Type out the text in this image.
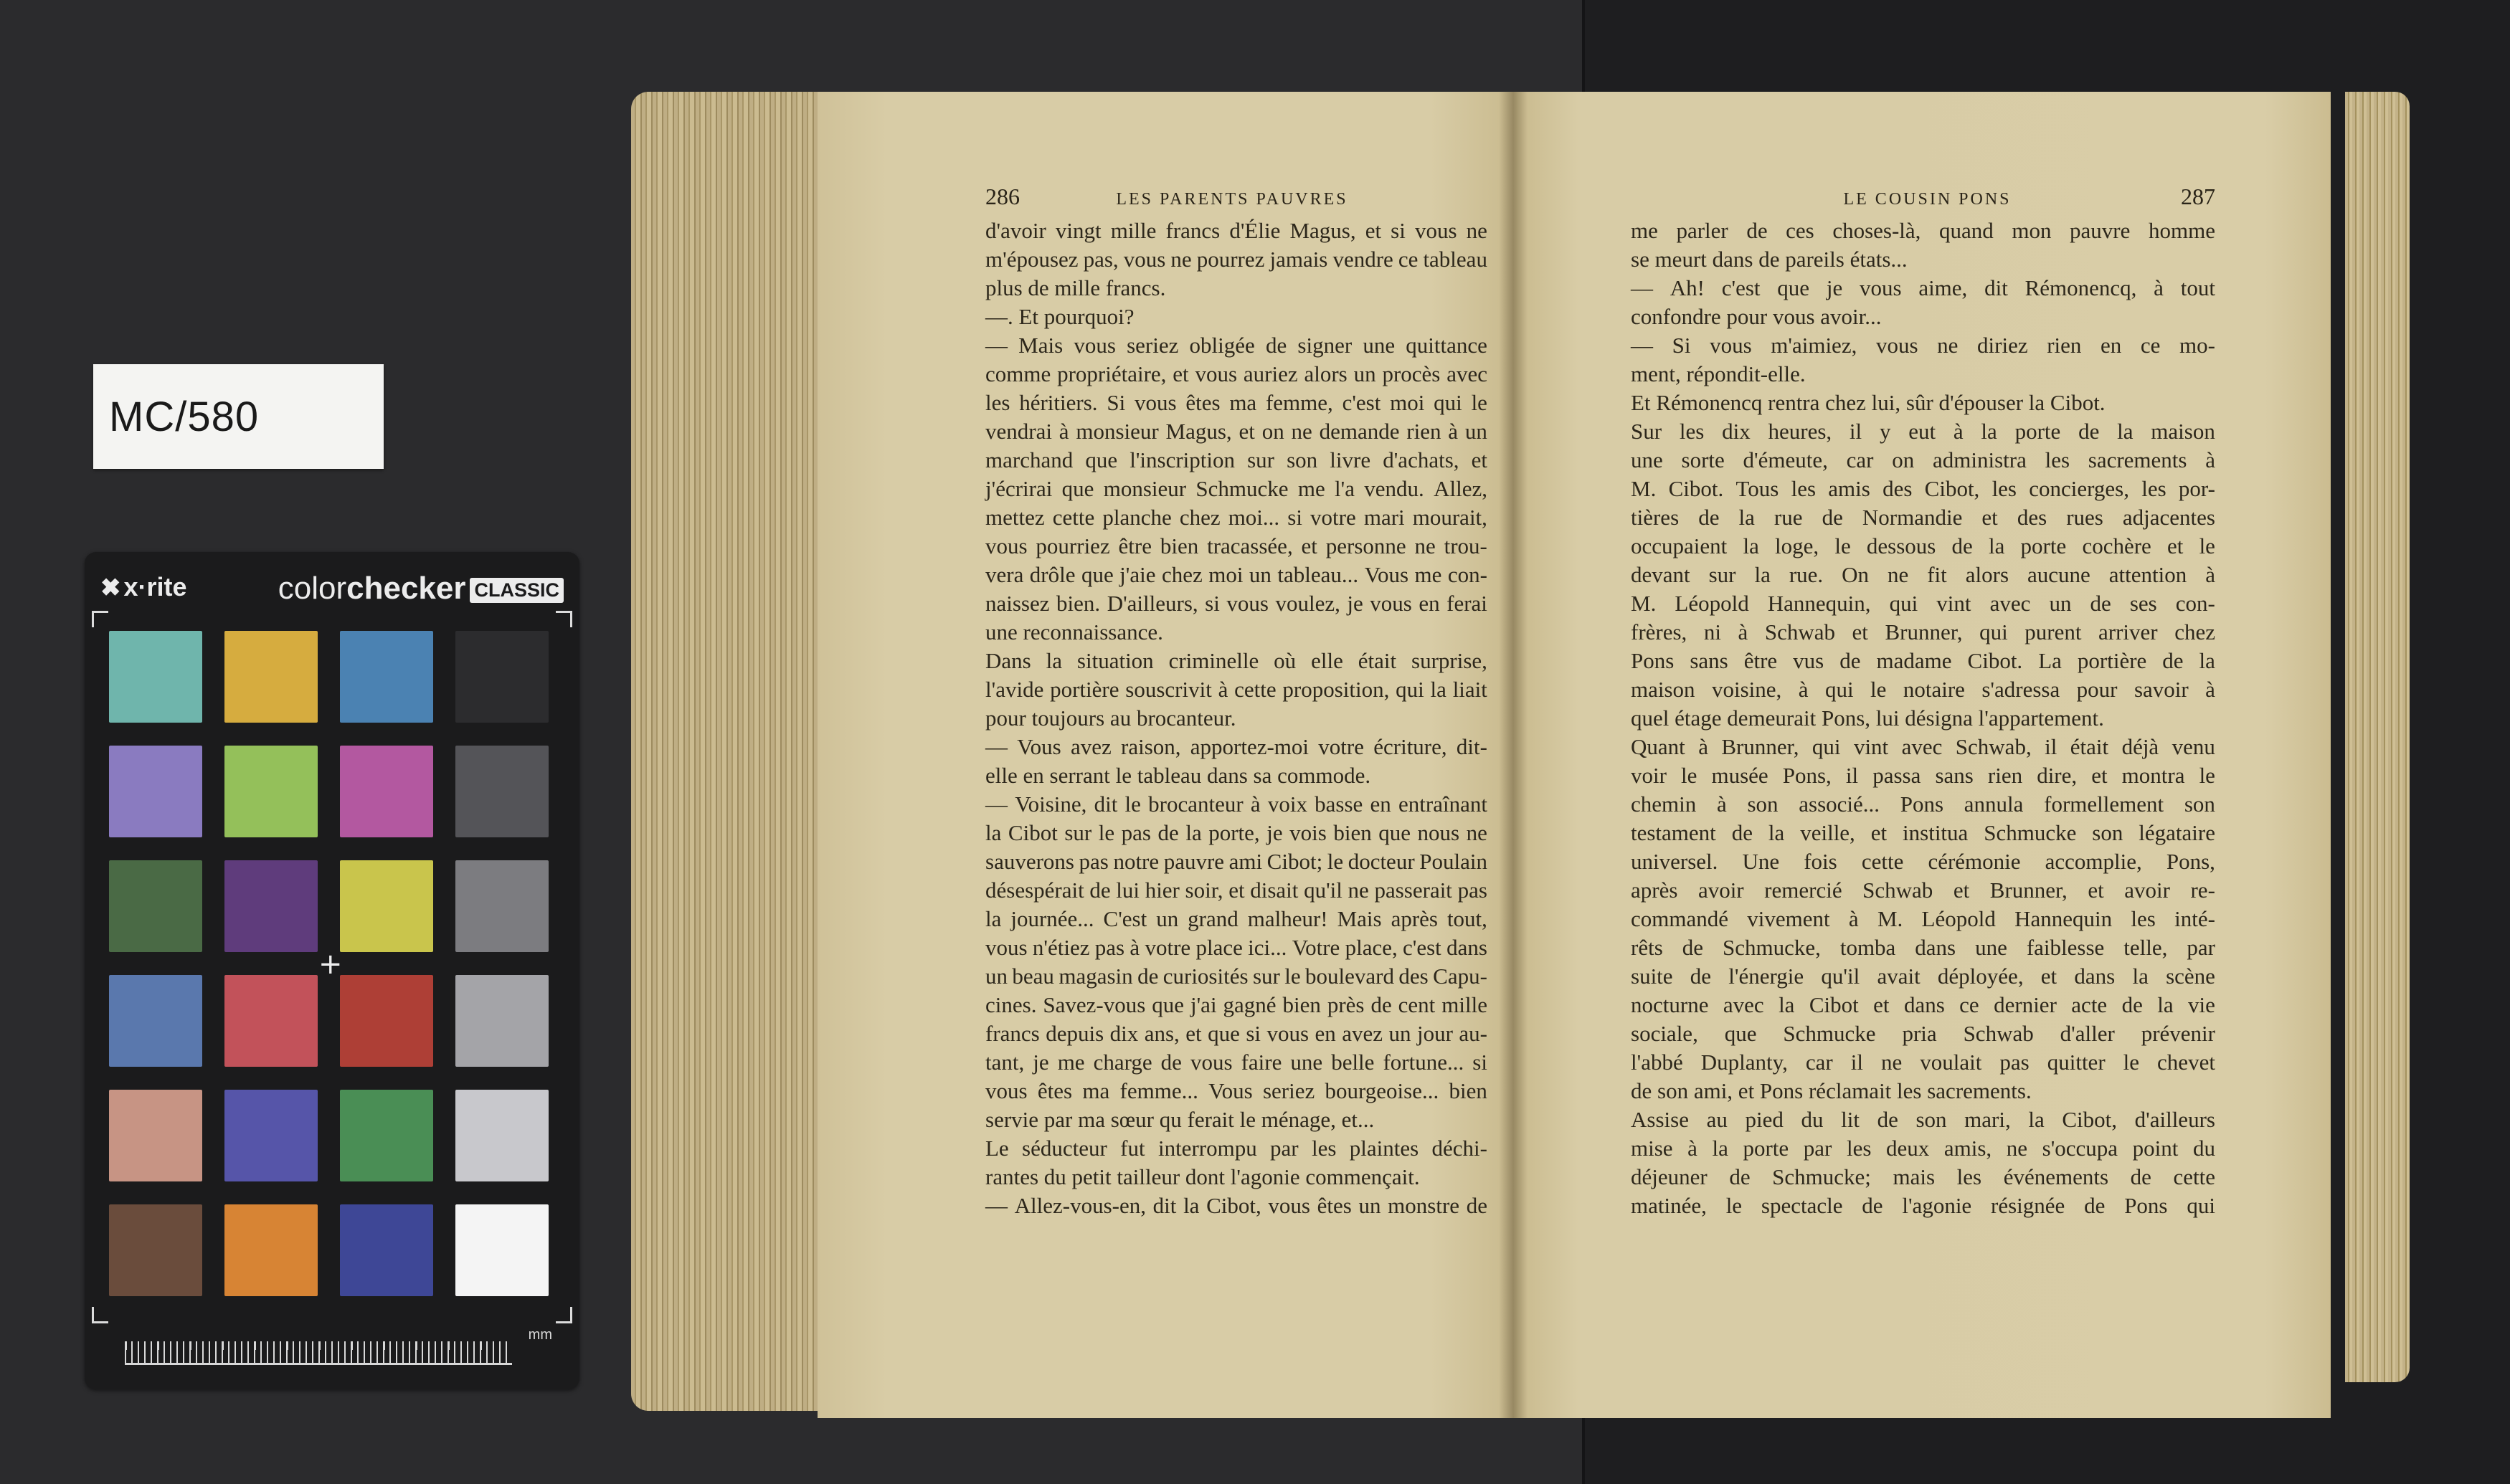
MC/580
✖ x·rite	colorchecker CLASSIC
+
mm
286	LES PARENTS PAUVRES
d'avoir vingt mille francs d'Élie Magus, et si vous ne
m'épousez pas, vous ne pourrez jamais vendre ce tableau
plus de mille francs.
—. Et pourquoi?
— Mais vous seriez obligée de signer une quittance
comme propriétaire, et vous auriez alors un procès avec
les héritiers. Si vous êtes ma femme, c'est moi qui le
vendrai à monsieur Magus, et on ne demande rien à un
marchand que l'inscription sur son livre d'achats, et
j'écrirai que monsieur Schmucke me l'a vendu. Allez,
mettez cette planche chez moi... si votre mari mourait,
vous pourriez être bien tracassée, et personne ne trou-
vera drôle que j'aie chez moi un tableau... Vous me con-
naissez bien. D'ailleurs, si vous voulez, je vous en ferai
une reconnaissance.
Dans la situation criminelle où elle était surprise,
l'avide portière souscrivit à cette proposition, qui la liait
pour toujours au brocanteur.
— Vous avez raison, apportez-moi votre écriture, dit-
elle en serrant le tableau dans sa commode.
— Voisine, dit le brocanteur à voix basse en entraînant
la Cibot sur le pas de la porte, je vois bien que nous ne
sauverons pas notre pauvre ami Cibot; le docteur Poulain
désespérait de lui hier soir, et disait qu'il ne passerait pas
la journée... C'est un grand malheur! Mais après tout,
vous n'étiez pas à votre place ici... Votre place, c'est dans
un beau magasin de curiosités sur le boulevard des Capu-
cines. Savez-vous que j'ai gagné bien près de cent mille
francs depuis dix ans, et que si vous en avez un jour au-
tant, je me charge de vous faire une belle fortune... si
vous êtes ma femme... Vous seriez bourgeoise... bien
servie par ma sœur qu ferait le ménage, et...
Le séducteur fut interrompu par les plaintes déchi-
rantes du petit tailleur dont l'agonie commençait.
— Allez-vous-en, dit la Cibot, vous êtes un monstre de
LE COUSIN PONS	287
me parler de ces choses-là, quand mon pauvre homme
se meurt dans de pareils états...
— Ah! c'est que je vous aime, dit Rémonencq, à tout
confondre pour vous avoir...
— Si vous m'aimiez, vous ne diriez rien en ce mo-
ment, répondit-elle.
Et Rémonencq rentra chez lui, sûr d'épouser la Cibot.
Sur les dix heures, il y eut à la porte de la maison
une sorte d'émeute, car on administra les sacrements à
M. Cibot. Tous les amis des Cibot, les concierges, les por-
tières de la rue de Normandie et des rues adjacentes
occupaient la loge, le dessous de la porte cochère et le
devant sur la rue. On ne fit alors aucune attention à
M. Léopold Hannequin, qui vint avec un de ses con-
frères, ni à Schwab et Brunner, qui purent arriver chez
Pons sans être vus de madame Cibot. La portière de la
maison voisine, à qui le notaire s'adressa pour savoir à
quel étage demeurait Pons, lui désigna l'appartement.
Quant à Brunner, qui vint avec Schwab, il était déjà venu
voir le musée Pons, il passa sans rien dire, et montra le
chemin à son associé... Pons annula formellement son
testament de la veille, et institua Schmucke son légataire
universel. Une fois cette cérémonie accomplie, Pons,
après avoir remercié Schwab et Brunner, et avoir re-
commandé vivement à M. Léopold Hannequin les inté-
rêts de Schmucke, tomba dans une faiblesse telle, par
suite de l'énergie qu'il avait déployée, et dans la scène
nocturne avec la Cibot et dans ce dernier acte de la vie
sociale, que Schmucke pria Schwab d'aller prévenir
l'abbé Duplanty, car il ne voulait pas quitter le chevet
de son ami, et Pons réclamait les sacrements.
Assise au pied du lit de son mari, la Cibot, d'ailleurs
mise à la porte par les deux amis, ne s'occupa point du
déjeuner de Schmucke; mais les événements de cette
matinée, le spectacle de l'agonie résignée de Pons qui
